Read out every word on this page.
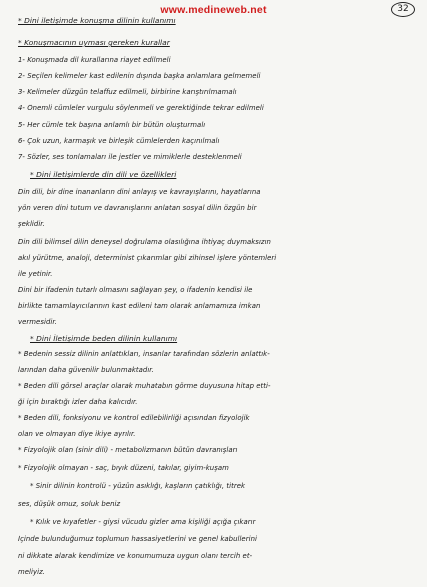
www.medineweb.net	32
* Dini iletişimde konuşma dilinin kullanımı
* Konuşmacının uyması gereken kurallar
1- Konuşmada dil kurallarına riayet edilmeli
2- Seçilen kelimeler kast edilenin dışında başka anlamlara gelmemeli
3- Kelimeler düzgün telaffuz edilmeli, birbirine karıştırılmamalı
4- Önemli cümleler vurgulu söylenmeli ve gerektiğinde tekrar edilmeli
5- Her cümle tek başına anlamlı bir bütün oluşturmalı
6- Çok uzun, karmaşık ve birleşik cümlelerden kaçınılmalı
7- Sözler, ses tonlamaları ile jestler ve mimiklerle desteklenmeli
* Dini iletişimlerde din dili ve özellikleri
Din dili, bir dine inananların dini anlayış ve kavrayışlarını, hayatlarına
yön veren dini tutum ve davranışlarını anlatan sosyal dilin özgün bir
şeklidir.
Din dili bilimsel dilin deneysel doğrulama olasılığına ihtiyaç duymaksızın
akıl yürütme, analoji, determinist çıkarımlar gibi zihinsel işlere yöntemleri
ile yetinir.
Dini bir ifadenin tutarlı olmasını sağlayan şey, o ifadenin kendisi ile
birlikte tamamlayıcılarının kast edileni tam olarak anlamamıza imkan
vermesidir.
* Dini İletişimde beden dilinin kullanımı
* Bedenin sessiz dilinin anlattıkları, insanlar tarafından sözlerin anlattık-
larından daha güvenilir bulunmaktadır.
* Beden dili görsel araçlar olarak muhatabın görme duyusuna hitap etti-
ği için bıraktığı izler daha kalıcıdır.
* Beden dili, fonksiyonu ve kontrol edilebilirliği açısından fizyolojik
olan ve olmayan diye ikiye ayrılır.
* Fizyolojik olan (sinir dili) - metabolizmanın bütün davranışları
* Fizyolojik olmayan - saç, bıyık düzeni, takılar, giyim-kuşam
* Sinir dilinin kontrolü - yüzün asıklığı, kaşların çatıklığı, titrek
ses, düşük omuz, soluk beniz
* Kılık ve kıyafetler - giysi vücudu gizler ama kişiliği açığa çıkarır
İçinde bulunduğumuz toplumun hassasiyetlerini ve genel kabullerini
ni dikkate alarak kendimize ve konumumuza uygun olanı tercih et-
meliyiz.
